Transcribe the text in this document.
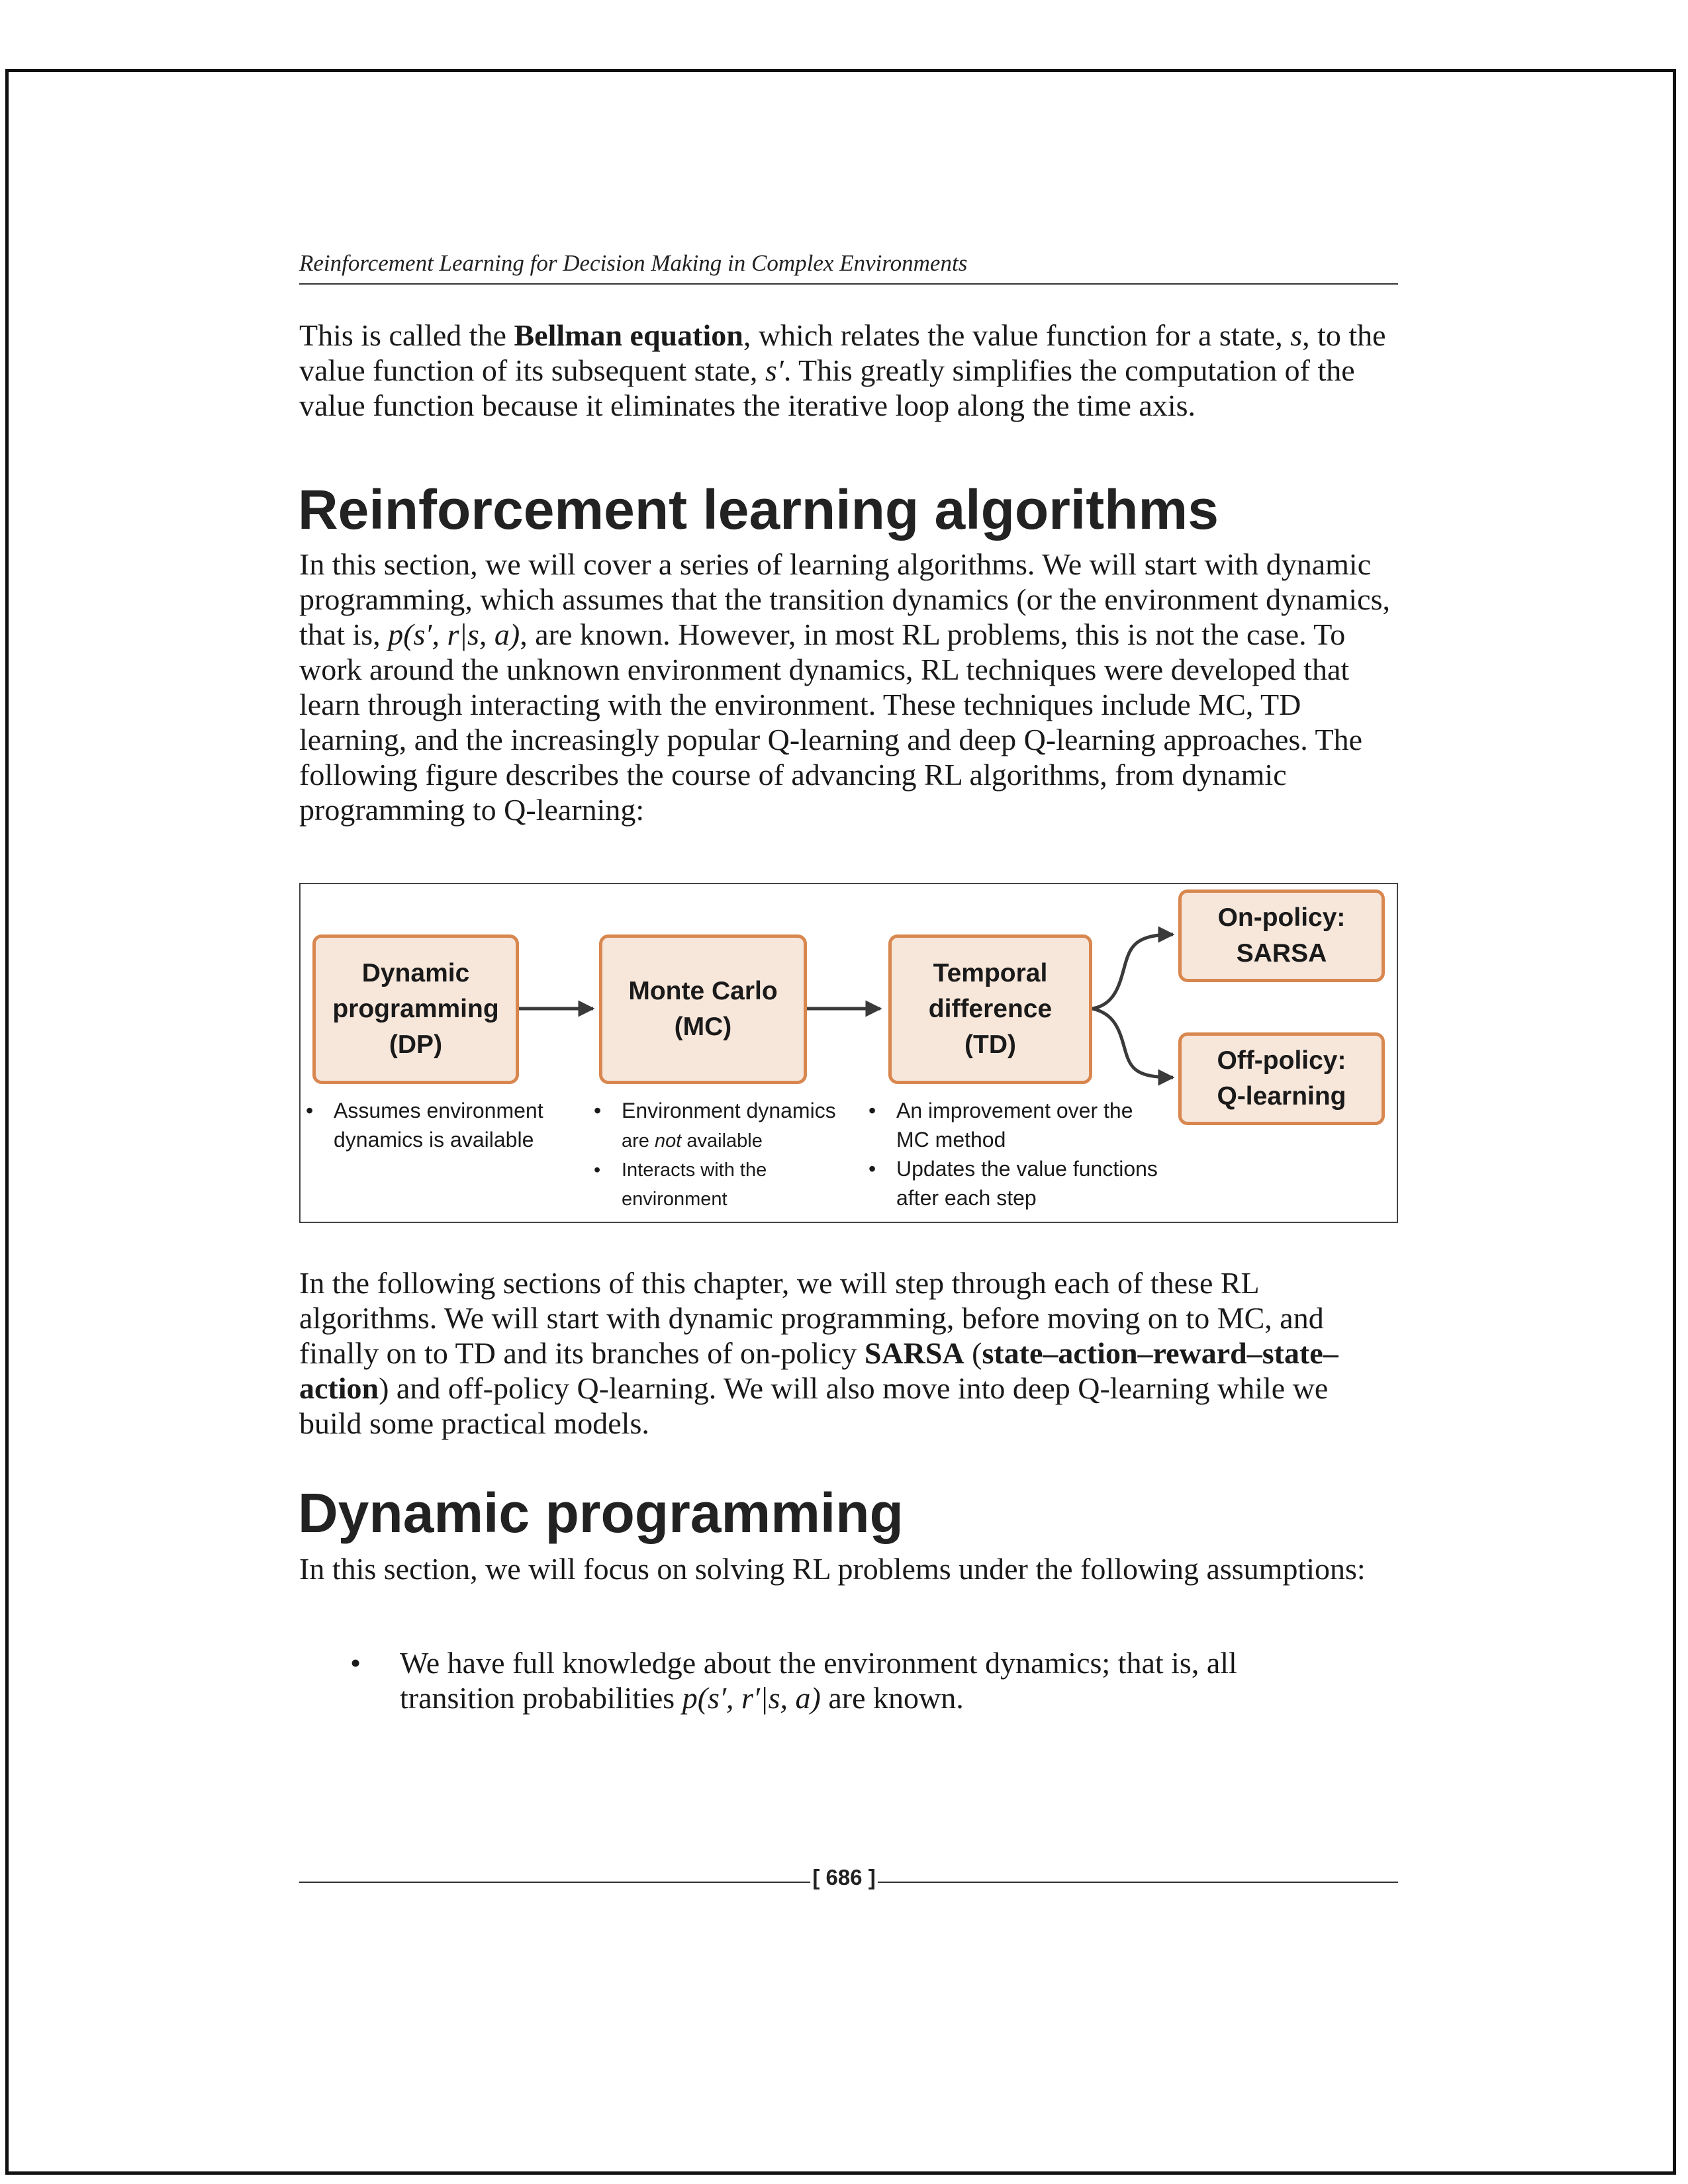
Reinforcement Learning for Decision Making in Complex Environments

This is called the Bellman equation, which relates the value function for a state, s, to the value function of its subsequent state, s′. This greatly simplifies the computation of the value function because it eliminates the iterative loop along the time axis.

Reinforcement learning algorithms

In this section, we will cover a series of learning algorithms. We will start with dynamic programming, which assumes that the transition dynamics (or the environment dynamics, that is, p(s′, r|s, a), are known. However, in most RL problems, this is not the case. To work around the unknown environment dynamics, RL techniques were developed that learn through interacting with the environment. These techniques include MC, TD learning, and the increasingly popular Q-learning and deep Q-learning approaches. The following figure describes the course of advancing RL algorithms, from dynamic programming to Q-learning:

Dynamic
programming
(DP)
Monte Carlo
(MC)
Temporal
difference
(TD)
On-policy:
SARSA
Off-policy:
Q-learning
• Assumes environment dynamics is available
• Environment dynamics
are not available
• Interacts with the environment
• An improvement over the MC method
• Updates the value functions after each step

In the following sections of this chapter, we will step through each of these RL algorithms. We will start with dynamic programming, before moving on to MC, and finally on to TD and its branches of on-policy SARSA (state–action–reward–state–action) and off-policy Q-learning. We will also move into deep Q-learning while we build some practical models.

Dynamic programming

In this section, we will focus on solving RL problems under the following assumptions:

• We have full knowledge about the environment dynamics; that is, all transition probabilities p(s′, r′|s, a) are known.
[ 686 ]
